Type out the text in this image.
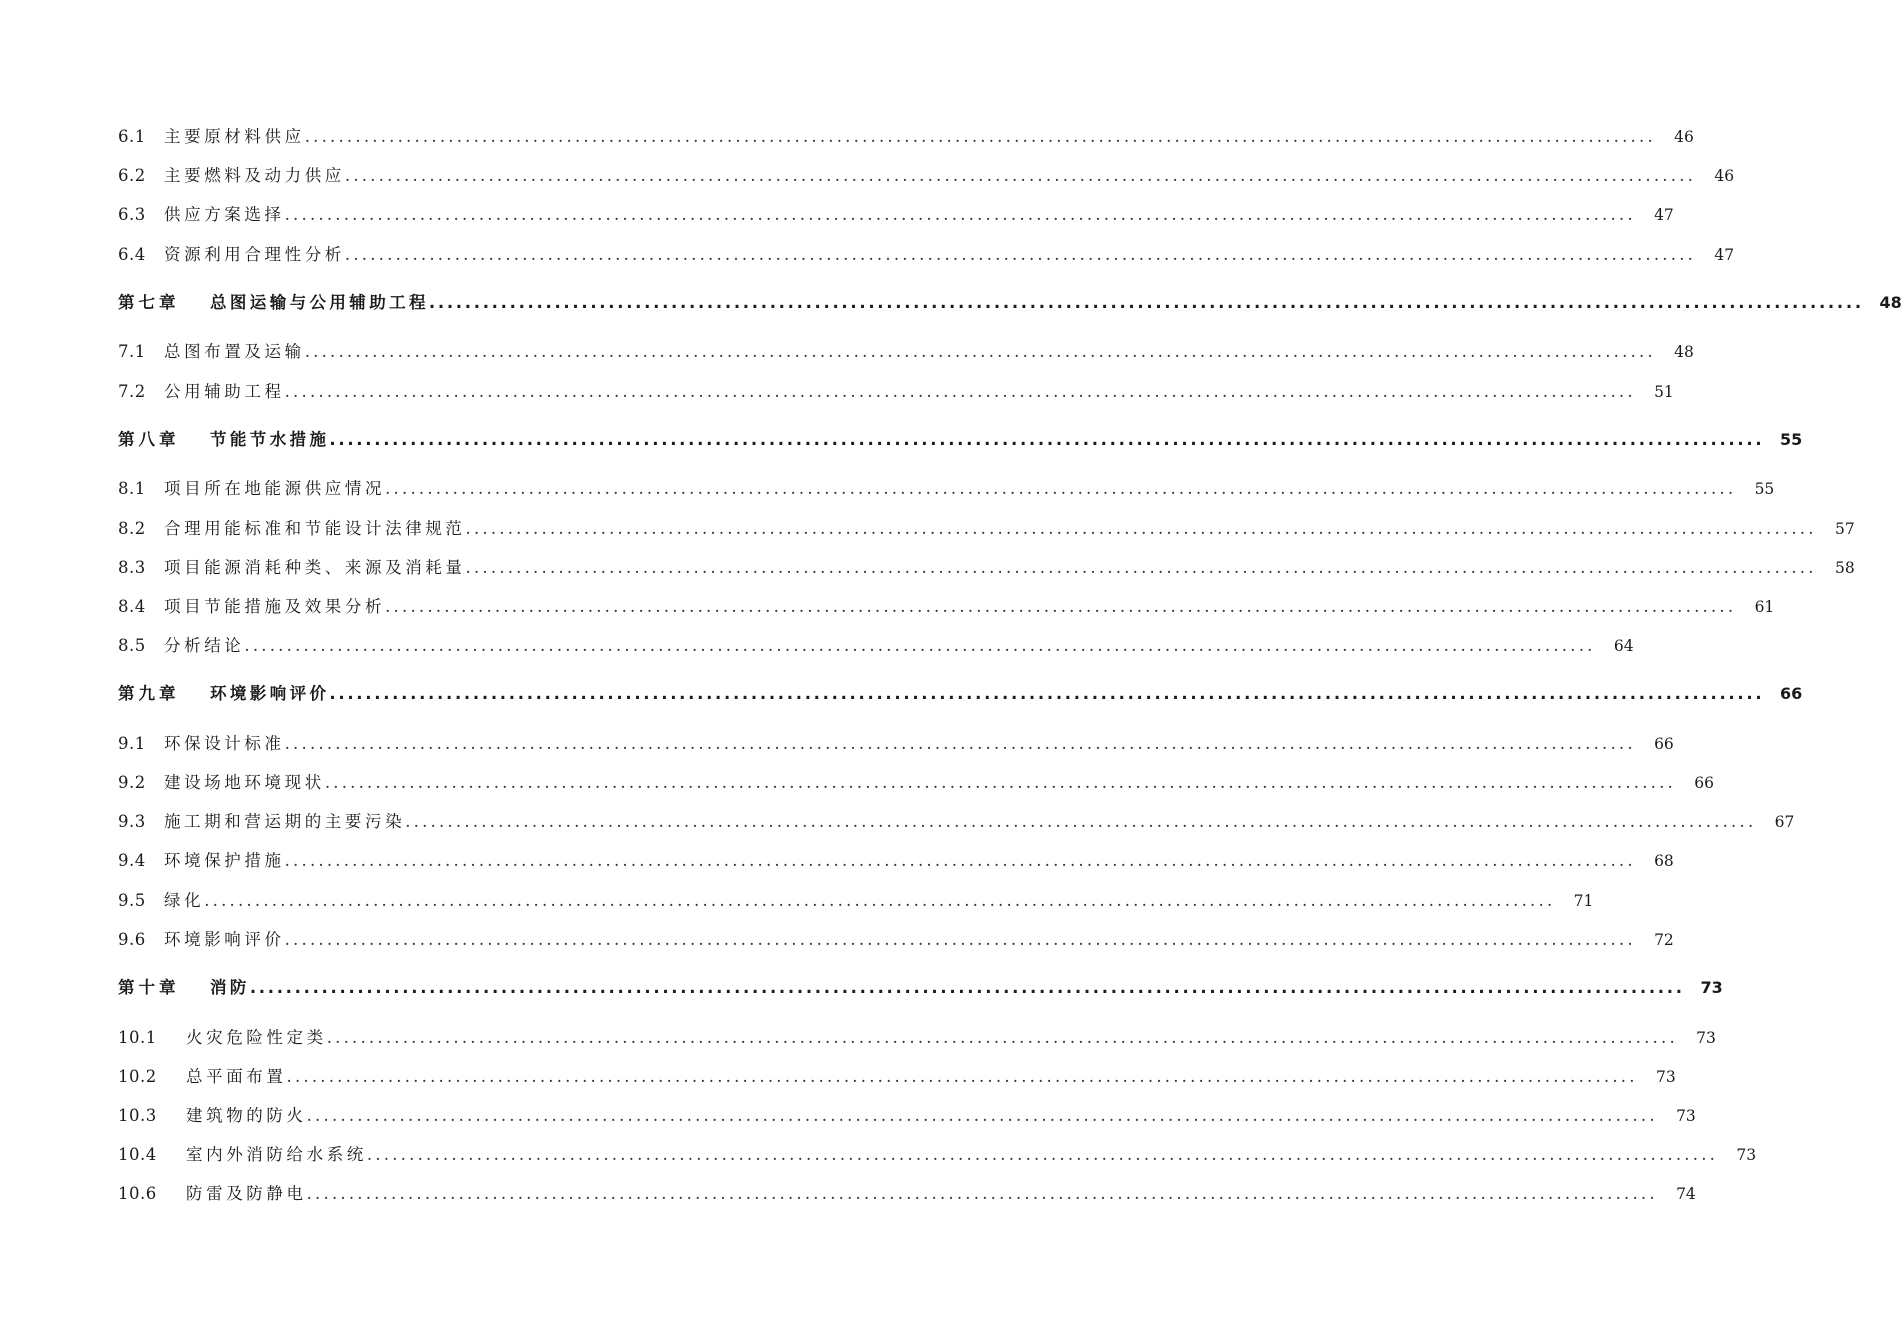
6.1	主要原材料供应 ................................................................................................................................................................ 46
6.2	主要燃料及动力供应 ................................................................................................................................................................ 46
6.3	供应方案选择 ................................................................................................................................................................ 47
6.4	资源利用合理性分析 ................................................................................................................................................................ 47
第七章	总图运输与公用辅助工程 ................................................................................................................................................................ 48
7.1	总图布置及运输 ................................................................................................................................................................ 48
7.2	公用辅助工程 ................................................................................................................................................................ 51
第八章	节能节水措施 ................................................................................................................................................................ 55
8.1	项目所在地能源供应情况 ................................................................................................................................................................ 55
8.2	合理用能标准和节能设计法律规范 ................................................................................................................................................................ 57
8.3	项目能源消耗种类、来源及消耗量 ................................................................................................................................................................ 58
8.4	项目节能措施及效果分析 ................................................................................................................................................................ 61
8.5	分析结论 ................................................................................................................................................................ 64
第九章	环境影响评价 ................................................................................................................................................................ 66
9.1	环保设计标准 ................................................................................................................................................................ 66
9.2	建设场地环境现状 ................................................................................................................................................................ 66
9.3	施工期和营运期的主要污染 ................................................................................................................................................................ 67
9.4	环境保护措施 ................................................................................................................................................................ 68
9.5	绿化 ................................................................................................................................................................ 71
9.6	环境影响评价 ................................................................................................................................................................ 72
第十章	消防 ................................................................................................................................................................ 73
10.1	火灾危险性定类 ................................................................................................................................................................ 73
10.2	总平面布置 ................................................................................................................................................................ 73
10.3	建筑物的防火 ................................................................................................................................................................ 73
10.4	室内外消防给水系统 ................................................................................................................................................................ 73
10.6	防雷及防静电 ................................................................................................................................................................ 74
